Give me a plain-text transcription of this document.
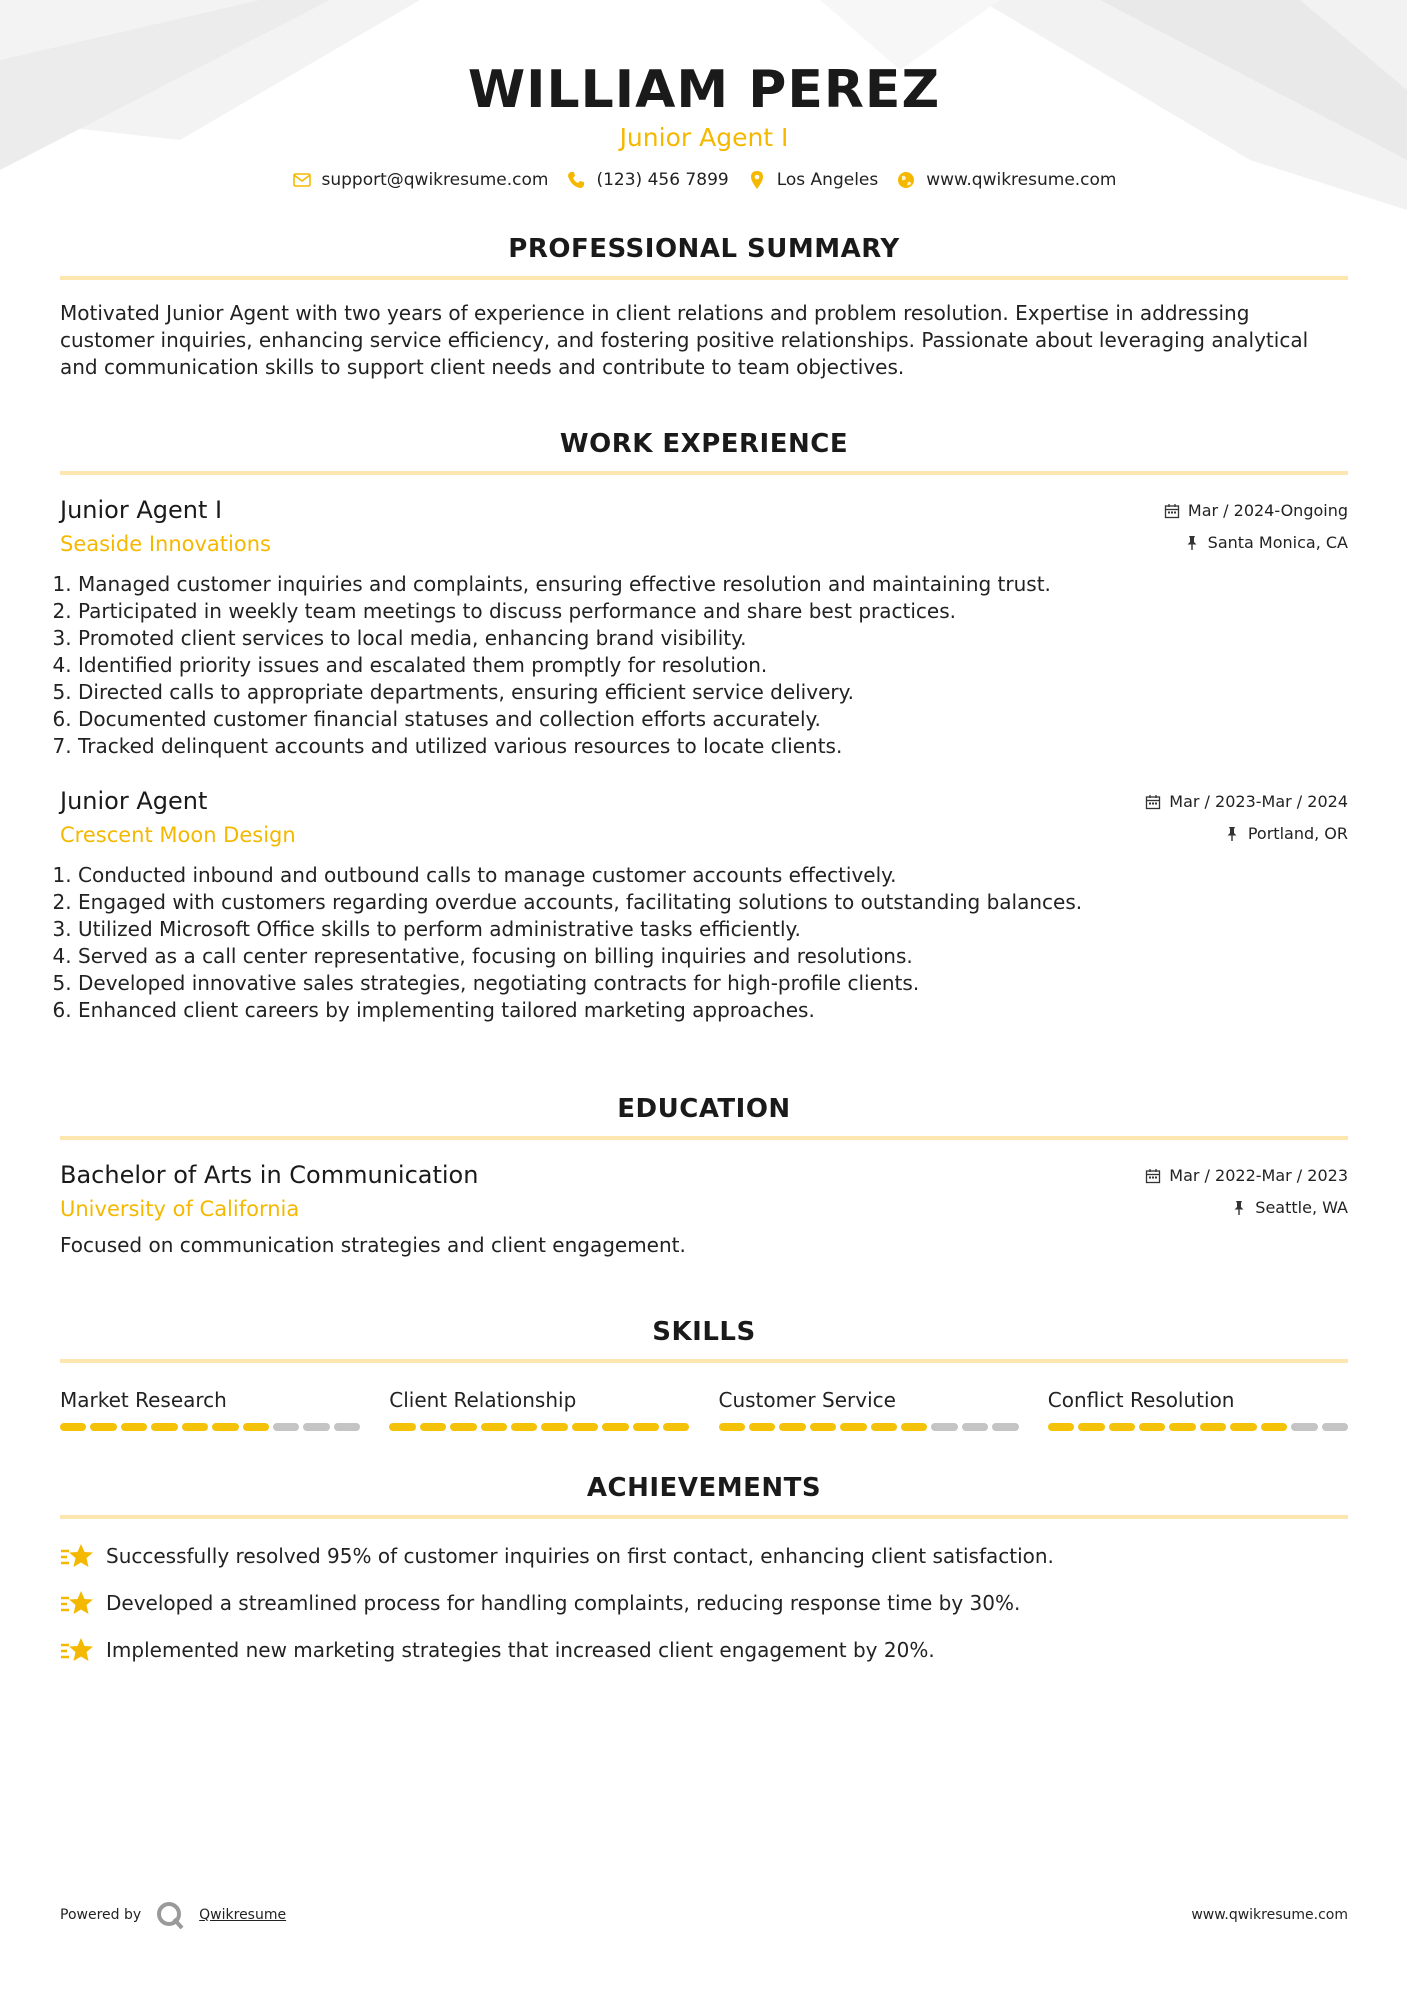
WILLIAM PEREZ
Junior Agent I
support@qwikresume.com	(123) 456 7899	Los Angeles	www.qwikresume.com
PROFESSIONAL SUMMARY
Motivated Junior Agent with two years of experience in client relations and problem resolution. Expertise in addressing customer inquiries, enhancing service efficiency, and fostering positive relationships. Passionate about leveraging analytical and communication skills to support client needs and contribute to team objectives.
WORK EXPERIENCE
Junior Agent I
Seaside Innovations
Mar / 2024-Ongoing
Santa Monica, CA
1. Managed customer inquiries and complaints, ensuring effective resolution and maintaining trust.
2. Participated in weekly team meetings to discuss performance and share best practices.
3. Promoted client services to local media, enhancing brand visibility.
4. Identified priority issues and escalated them promptly for resolution.
5. Directed calls to appropriate departments, ensuring efficient service delivery.
6. Documented customer financial statuses and collection efforts accurately.
7. Tracked delinquent accounts and utilized various resources to locate clients.
Junior Agent
Crescent Moon Design
Mar / 2023-Mar / 2024
Portland, OR
1. Conducted inbound and outbound calls to manage customer accounts effectively.
2. Engaged with customers regarding overdue accounts, facilitating solutions to outstanding balances.
3. Utilized Microsoft Office skills to perform administrative tasks efficiently.
4. Served as a call center representative, focusing on billing inquiries and resolutions.
5. Developed innovative sales strategies, negotiating contracts for high-profile clients.
6. Enhanced client careers by implementing tailored marketing approaches.
EDUCATION
Bachelor of Arts in Communication
University of California
Mar / 2022-Mar / 2023
Seattle, WA
Focused on communication strategies and client engagement.
SKILLS
Market Research	Client Relationship	Customer Service	Conflict Resolution
ACHIEVEMENTS
Successfully resolved 95% of customer inquiries on first contact, enhancing client satisfaction.
Developed a streamlined process for handling complaints, reducing response time by 30%.
Implemented new marketing strategies that increased client engagement by 20%.
Powered by	Qwikresume	www.qwikresume.com
